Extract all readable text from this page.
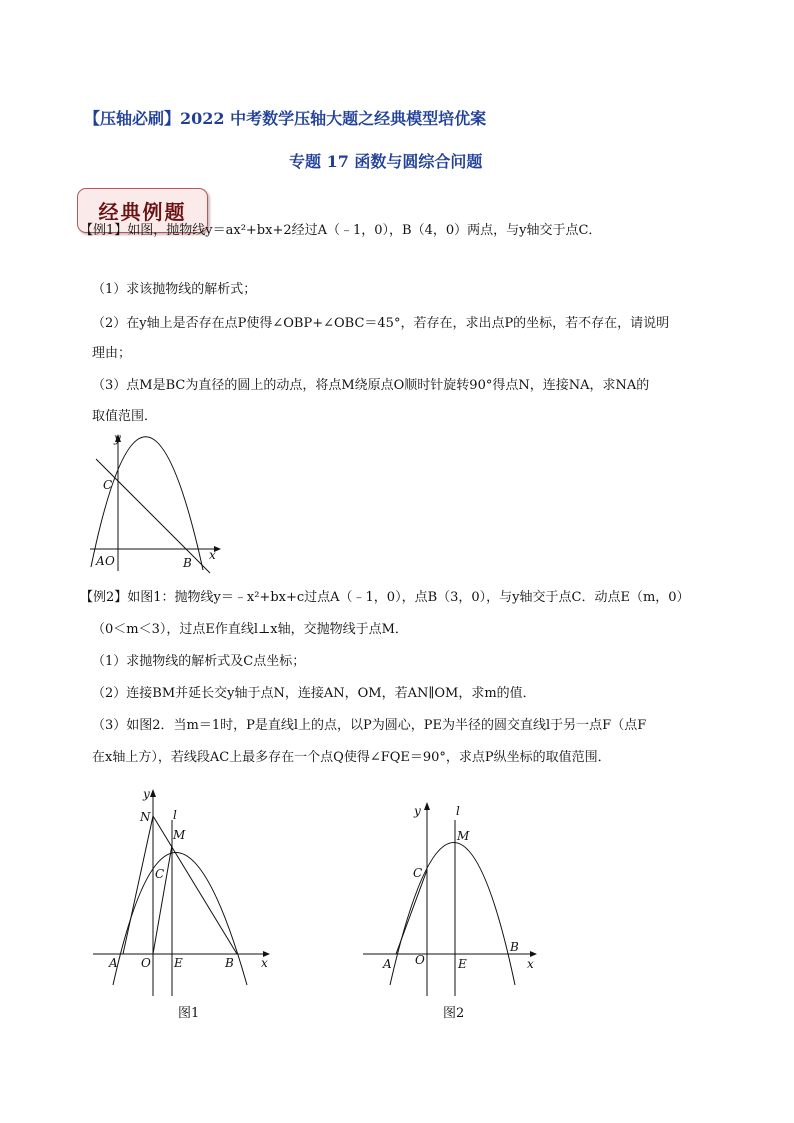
【压轴必刷】2022 中考数学压轴大题之经典模型培优案
专题 17 函数与圆综合问题
经典例题
【例1】如图，抛物线y＝ax²+bx+2经过A（﹣1，0），B（4，0）两点，与y轴交于点C．
（1）求该抛物线的解析式；
（2）在y轴上是否存在点P使得∠OBP+∠OBC＝45°，若存在，求出点P的坐标，若不存在，请说明
理由；
（3）点M是BC为直径的圆上的动点，将点M绕原点O顺时针旋转90°得点N，连接NA，求NA的
取值范围．
y
x
C
A O	B
【例2】如图1：抛物线y＝﹣x²+bx+c过点A（﹣1，0），点B（3，0），与y轴交于点C．动点E（m，0）
（0＜m＜3），过点E作直线l⊥x轴，交抛物线于点M．
（1）求抛物线的解析式及C点坐标；
（2）连接BM并延长交y轴于点N，连接AN，OM，若AN∥OM，求m的值．
（3）如图2．当m＝1时，P是直线l上的点，以P为圆心，PE为半径的圆交直线l于另一点F（点F
在x轴上方），若线段AC上最多存在一个点Q使得∠FQE＝90°，求点P纵坐标的取值范围．
y
l
N
M
C
A O E	B x
图1
y	l
M
C
A O	E
B
x
图2
